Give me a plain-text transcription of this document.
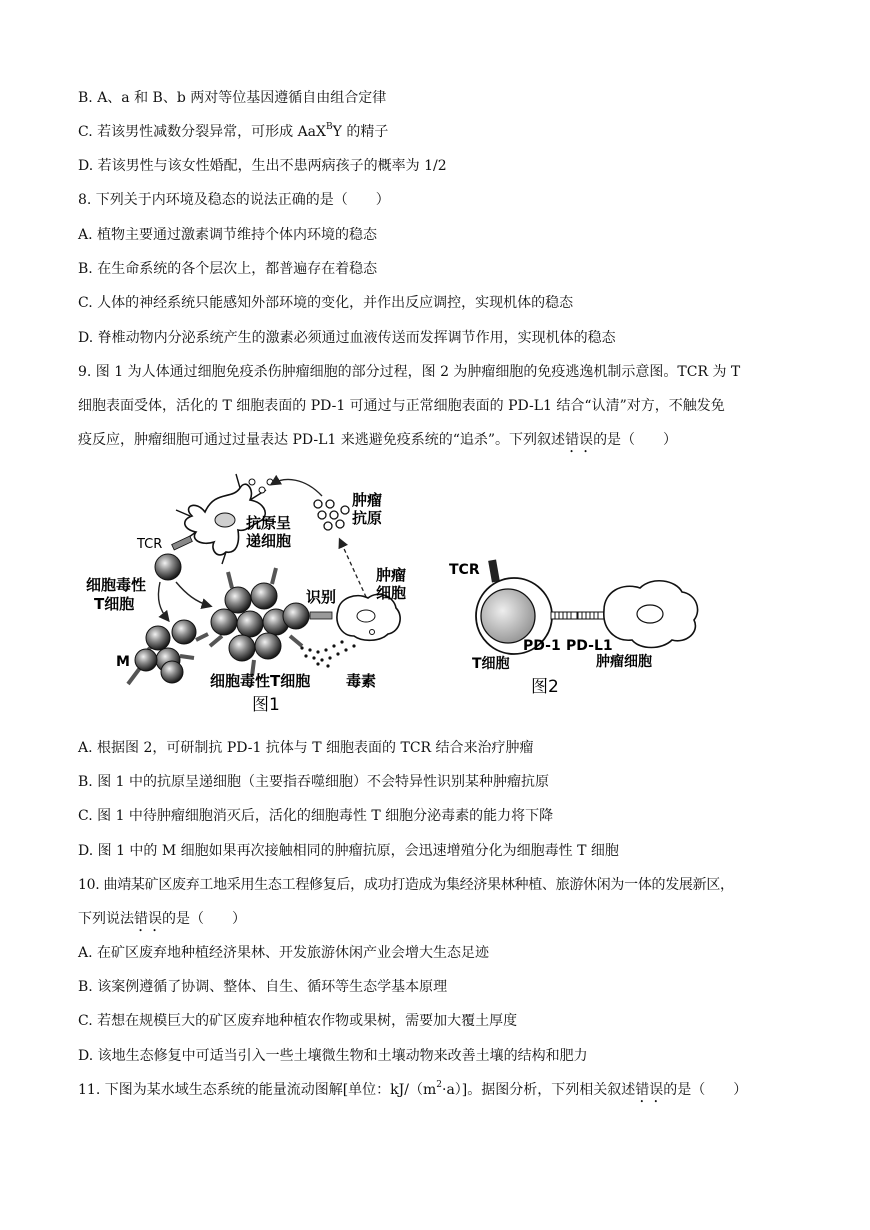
B. A、a 和 B、b 两对等位基因遵循自由组合定律
C. 若该男性减数分裂异常，可形成 AaX$^B$Y 的精子
D. 若该男性与该女性婚配，生出不患两病孩子的概率为 1/2
8. 下列关于内环境及稳态的说法正确的是（　　）
A. 植物主要通过激素调节维持个体内环境的稳态
B. 在生命系统的各个层次上，都普遍存在着稳态
C. 人体的神经系统只能感知外部环境的变化，并作出反应调控，实现机体的稳态
D. 脊椎动物内分泌系统产生的激素必须通过血液传送而发挥调节作用，实现机体的稳态
9. 图 1 为人体通过细胞免疫杀伤肿瘤细胞的部分过程，图 2 为肿瘤细胞的免疫逃逸机制示意图。TCR 为 T
细胞表面受体，活化的 T 细胞表面的 PD-1 可通过与正常细胞表面的 PD-L1 结合“认清”对方，不触发免
疫反应，肿瘤细胞可通过过量表达 PD-L1 来逃避免疫系统的“追杀”。下列叙述错误的是（　　）
抗原呈
递细胞
肿瘤
抗原
TCR
细胞毒性
T细胞
M
识别
肿瘤
细胞
细胞毒性T细胞 毒素
图1
TCR
PD-1 PD-L1
T细胞	肿瘤细胞
图2
A. 根据图 2，可研制抗 PD-1 抗体与 T 细胞表面的 TCR 结合来治疗肿瘤
B. 图 1 中的抗原呈递细胞（主要指吞噬细胞）不会特异性识别某种肿瘤抗原
C. 图 1 中待肿瘤细胞消灭后，活化的细胞毒性 T 细胞分泌毒素的能力将下降
D. 图 1 中的 M 细胞如果再次接触相同的肿瘤抗原，会迅速增殖分化为细胞毒性 T 细胞
10. 曲靖某矿区废弃工地采用生态工程修复后，成功打造成为集经济果林种植、旅游休闲为一体的发展新区，
下列说法错误的是（　　）
A. 在矿区废弃地种植经济果林、开发旅游休闲产业会增大生态足迹
B. 该案例遵循了协调、整体、自生、循环等生态学基本原理
C. 若想在规模巨大的矿区废弃地种植农作物或果树，需要加大覆土厚度
D. 该地生态修复中可适当引入一些土壤微生物和土壤动物来改善土壤的结构和肥力
11. 下图为某水域生态系统的能量流动图解[单位：$kJ/(m^2\cdot a)$]。据图分析，下列相关叙述错误的是（　　）
